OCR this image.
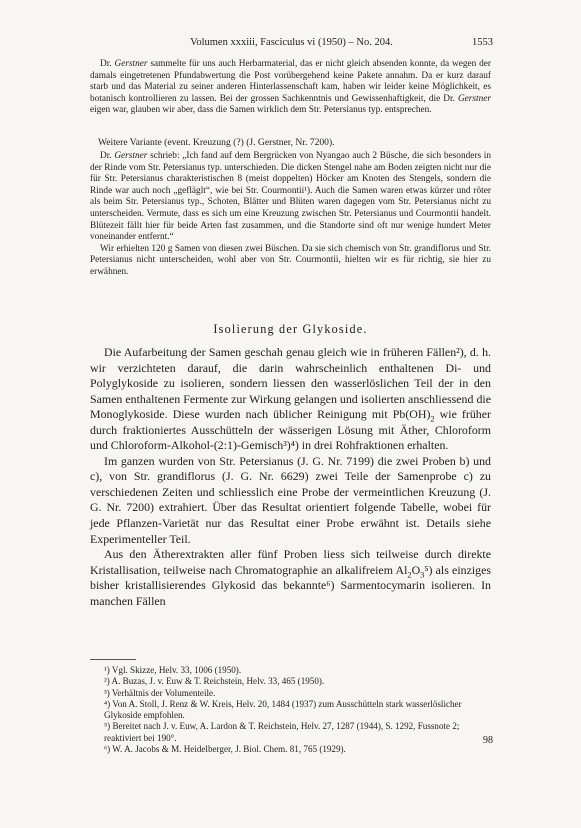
Volumen xxxiii, Fasciculus vi (1950) – No. 204.	1553

Dr. Gerstner sammelte für uns auch Herbarmaterial, das er nicht gleich absenden konnte, da wegen der damals eingetretenen Pfundabwertung die Post vorübergehend keine Pakete annahm. Da er kurz darauf starb und das Material zu seiner anderen Hinterlassenschaft kam, haben wir leider keine Möglichkeit, es botanisch kontrollieren zu lassen. Bei der grossen Sachkenntnis und Gewissenhaftigkeit, die Dr. Gerstner eigen war, glauben wir aber, dass die Samen wirklich dem Str. Petersianus typ. entsprechen.

Weitere Variante (event. Kreuzung (?) (J. Gerstner, Nr. 7200).

Dr. Gerstner schrieb: „Ich fand auf dem Bergrücken von Nyangao auch 2 Büsche, die sich besonders in der Rinde vom Str. Petersianus typ. unterschieden. Die dicken Stengel nahe am Boden zeigten nicht nur die für Str. Petersianus charakteristischen 8 (meist doppelten) Höcker am Knoten des Stengels, sondern die Rinde war auch noch „gefläglt“, wie bei Str. Courmontii¹). Auch die Samen waren etwas kürzer und röter als beim Str. Petersianus typ., Schoten, Blätter und Blüten waren dagegen vom Str. Petersianus nicht zu unterscheiden. Vermute, dass es sich um eine Kreuzung zwischen Str. Petersianus und Courmontii handelt. Blütezeit fällt hier für beide Arten fast zusammen, und die Standorte sind oft nur wenige hundert Meter voneinander entfernt.“

Wir erhielten 120 g Samen von diesen zwei Büschen. Da sie sich chemisch von Str. grandiflorus und Str. Petersianus nicht unterscheiden, wohl aber von Str. Courmontii, hielten wir es für richtig, sie hier zu erwähnen.

Isolierung der Glykoside.

Die Aufarbeitung der Samen geschah genau gleich wie in früheren Fällen²), d. h. wir verzichteten darauf, die darin wahrscheinlich enthaltenen Di- und Polyglykoside zu isolieren, sondern liessen den wasserlöslichen Teil der in den Samen enthaltenen Fermente zur Wirkung gelangen und isolierten anschliessend die Monoglykoside. Diese wurden nach üblicher Reinigung mit $Pb(OH)_2$ wie früher durch fraktioniertes Ausschütteln der wässerigen Lösung mit Äther, Chloroform und Chloroform-Alkohol-(2:1)-Gemisch³)⁴) in drei Rohfraktionen erhalten.

Im ganzen wurden von Str. Petersianus (J. G. Nr. 7199) die zwei Proben b) und c), von Str. grandiflorus (J. G. Nr. 6629) zwei Teile der Samenprobe c) zu verschiedenen Zeiten und schliesslich eine Probe der vermeintlichen Kreuzung (J. G. Nr. 7200) extrahiert. Über das Resultat orientiert folgende Tabelle, wobei für jede Pflanzen-Varietät nur das Resultat einer Probe erwähnt ist. Details siehe Experimenteller Teil.

Aus den Ätherextrakten aller fünf Proben liess sich teilweise durch direkte Kristallisation, teilweise nach Chromatographie an alkalifreiem $Al_2O_3^5$) als einziges bisher kristallisierendes Glykosid das bekannte⁶) Sarmentocymarin isolieren. In manchen Fällen

¹) Vgl. Skizze, Helv. 33, 1006 (1950).

²) A. Buzas, J. v. Euw & T. Reichstein, Helv. 33, 465 (1950).

³) Verhältnis der Volumenteile.

⁴) Von A. Stoll, J. Renz & W. Kreis, Helv. 20, 1484 (1937) zum Ausschütteln stark wasserlöslicher Glykoside empfohlen.

⁵) Bereitet nach J. v. Euw, A. Lardon & T. Reichstein, Helv. 27, 1287 (1944), S. 1292, Fussnote 2; reaktiviert bei 190°.

⁶) W. A. Jacobs & M. Heidelberger, J. Biol. Chem. 81, 765 (1929).

98
